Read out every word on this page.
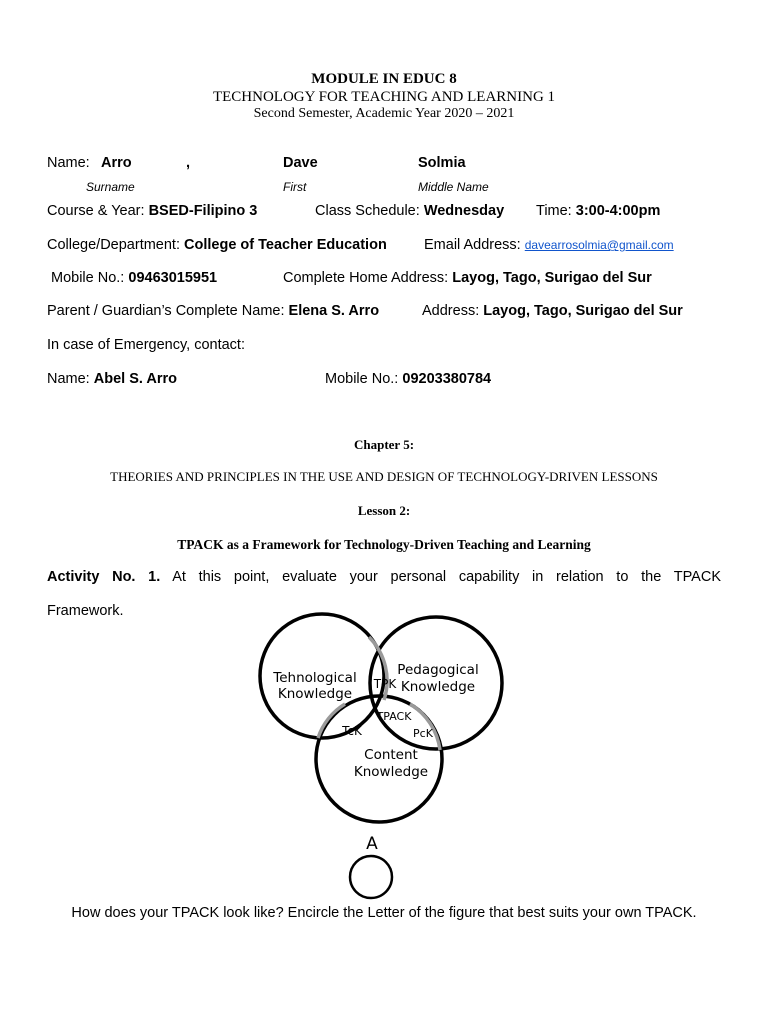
MODULE IN EDUC 8
TECHNOLOGY FOR TEACHING AND LEARNING 1
Second Semester, Academic Year 2020 – 2021
Name: Arro	,	Dave	Solmia
Surname	First	Middle Name
Course & Year: BSED-Filipino 3	Class Schedule: Wednesday Time: 3:00-4:00pm
College/Department: College of Teacher Education	Email Address: davearrosolmia@gmail.com
Mobile No.: 09463015951	Complete Home Address: Layog, Tago, Surigao del Sur
Parent / Guardian’s Complete Name: Elena S. Arro	Address: Layog, Tago, Surigao del Sur
In case of Emergency, contact:
Name: Abel S. Arro	Mobile No.: 09203380784
Chapter 5:
THEORIES AND PRINCIPLES IN THE USE AND DESIGN OF TECHNOLOGY-DRIVEN LESSONS
Lesson 2:
TPACK as a Framework for Technology-Driven Teaching and Learning
Activity No. 1. At this point, evaluate your personal capability in relation to the TPACK
Framework.
Tehnological
Knowledge
Pedagogical
Knowledge
Content
Knowledge
TPK
TPACK
TcK	PcK
A
How does your TPACK look like? Encircle the Letter of the figure that best suits your own TPACK.
